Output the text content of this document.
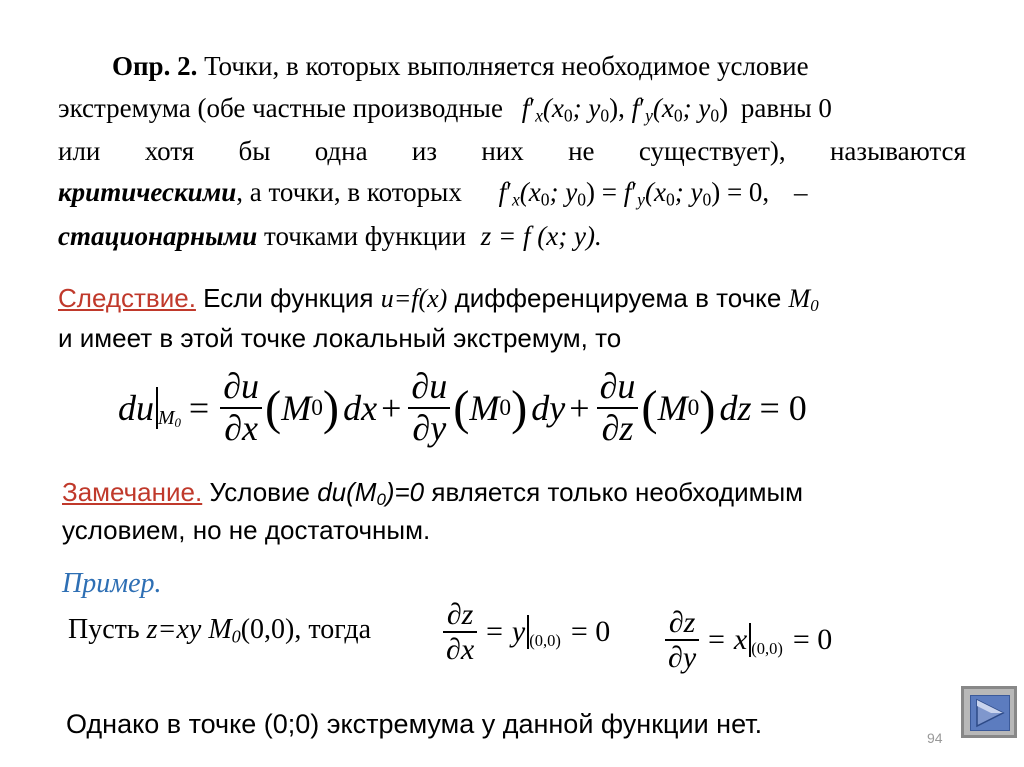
Опр. 2. Точки, в которых выполняется необходимое условие
экстремума (обе частные производные $f'_x(x_0$; $y_0$), $f'_y(x_0$; $y_0$) равны 0
или хотя бы одна из них не существует), называются
критическими, а точки, в которых $f'_x(x_0$; $y_0) = f'_y(x_0$; $y_0) = 0$, –
стационарными точками функции z = f (x; y).
Следствие. Если функция u=f(x) дифференцируема в точке $M_0$
и имеет в этой точке локальный экстремум, то
du $M_0 = \frac{\partial u}{\partial x}$ ( M 0 ) dx + $\frac{\partial u}{\partial y}$ ( M 0 ) dy + $\frac{\partial u}{\partial z}$ ( M 0 ) dz = 0
Замечание. Условие $du(M_0)=0$ является только необходимым
условием, но не достаточным.
Пример.
Пусть z=xy $M_0(0,0)$, тогда $\frac{\partial z}{\partial x} = y$ $(0,0) = 0 \frac{\partial z}{\partial y} = x$ (0,0) = 0
Однако в точке (0;0) экстремума у данной функции нет.	94
